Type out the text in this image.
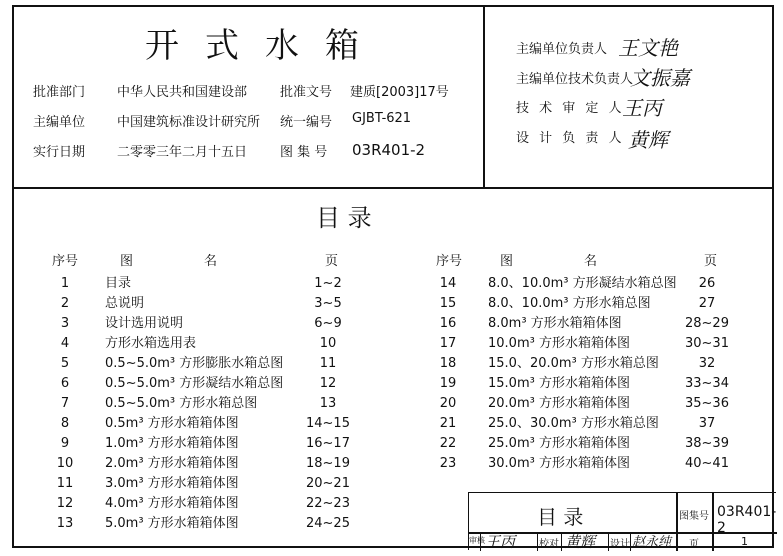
开式水箱
批准部门 中华人民共和国建设部
主编单位 中国建筑标准设计研究所
实行日期 二零零三年二月十五日
批准文号 建质[2003]17号
统一编号 GJBT-621
图 集 号 03R401-2
主编单位负责人 王文艳
主编单位技术负责人
文振嘉
技 术 审 定 人
王丙
设 计 负 责 人 黄辉
目 录
序号	图	名	页	序号	图	名	页
1	目录	1~2
2	总说明	3~5
3	设计选用说明	6~9
4	方形水箱选用表	10
5	0.5~5.0m³ 方形膨胀水箱总图	11
6	0.5~5.0m³ 方形凝结水箱总图	12
7	0.5~5.0m³ 方形水箱总图	13
8	0.5m³ 方形水箱箱体图	14~15
9	1.0m³ 方形水箱箱体图	16~17
10	2.0m³ 方形水箱箱体图	18~19
11	3.0m³ 方形水箱箱体图	20~21
12	4.0m³ 方形水箱箱体图	22~23
13	5.0m³ 方形水箱箱体图	24~25
14	8.0、10.0m³ 方形凝结水箱总图	26
15	8.0、10.0m³ 方形水箱总图	27
16	8.0m³ 方形水箱箱体图	28~29
17	10.0m³ 方形水箱箱体图	30~31
18	15.0、20.0m³ 方形水箱总图	32
19	15.0m³ 方形水箱箱体图	33~34
20	20.0m³ 方形水箱箱体图	35~36
21	25.0、30.0m³ 方形水箱总图	37
22	25.0m³ 方形水箱箱体图	38~39
23	30.0m³ 方形水箱箱体图	40~41
目 录	图集号 03R401-2
审核 王丙 校对 黄辉 设计 赵永纯 页	1
